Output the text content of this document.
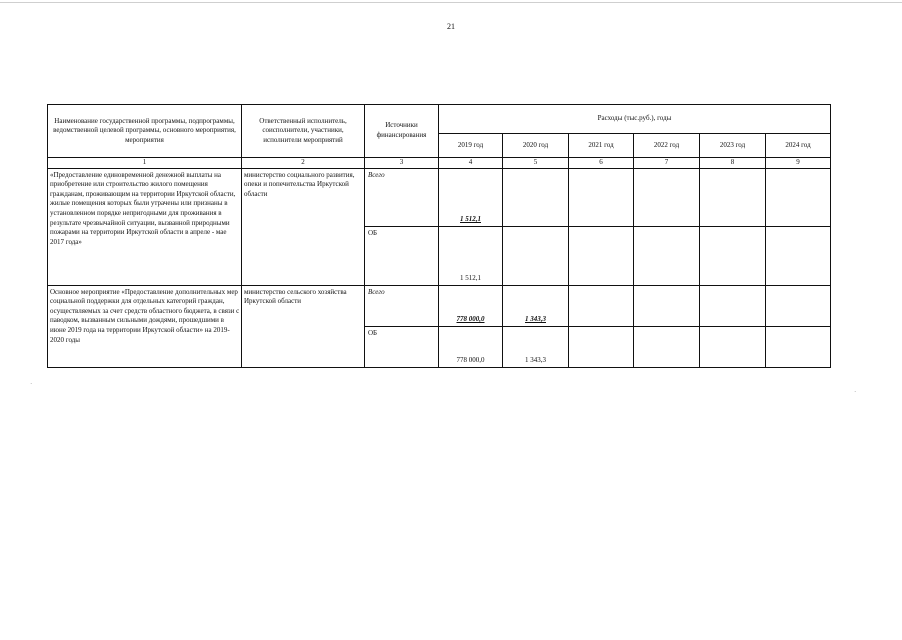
21
Наименование государственной программы, подпрограммы, ведомственной целевой программы, основного мероприятия, мероприятия	Ответственный исполнитель, соисполнители, участники, исполнители мероприятий	Источники финансирования	Расходы (тыс.руб.), годы					
			2019 год	2020 год	2021 год	2022 год	2023 год	2024 год
1	2	3	4	5	6	7	8	9
«Предоставление единовременной денежной выплаты на приобретение или строительство жилого помещения гражданам, проживающим на территории Иркутской области, жилые помещения которых были утрачены или признаны в установленном порядке непригодными для проживания в результате чрезвычайной ситуации, вызванной природными пожарами на территории Иркутской области в апреле - мае 2017 года»	министерство социального развития, опеки и попечительства Иркутской области	Всего	1 512,1					
		ОБ	1 512,1					
Основное мероприятие «Предоставление дополнительных мер социальной поддержки для отдельных категорий граждан, осуществляемых за счет средств областного бюджета, в связи с паводком, вызванным сильными дождями, прошедшими в июне 2019 года на территории Иркутской области» на 2019-2020 годы	министерство сельского хозяйства Иркутской области	Всего	778 000,0	1 343,3				
		ОБ	778 000,0	1 343,3				
·
·
